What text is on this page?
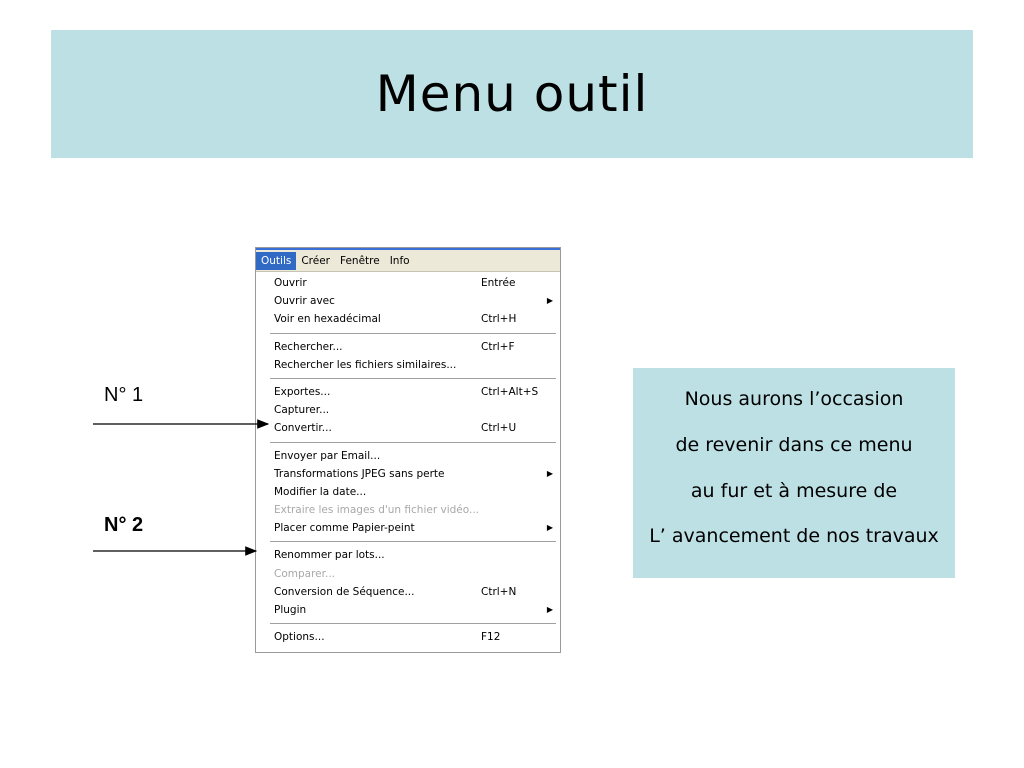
Menu outil
Outils Créer Fenêtre Info
Ouvrir	Entrée
Ouvrir avec	▶
Voir en hexadécimal	Ctrl+H
Rechercher...	Ctrl+F
Rechercher les fichiers similaires...
Exportes...	Ctrl+Alt+S
Capturer...
Convertir...	Ctrl+U
Envoyer par Email...
Transformations JPEG sans perte	▶
Modifier la date...
Extraire les images d'un fichier vidéo...
Placer comme Papier-peint	▶
Renommer par lots...
Comparer...
Conversion de Séquence...	Ctrl+N
Plugin	▶
Options...	F12
N° 1
N° 2
Nous aurons l’occasion
de revenir dans ce menu
au fur et à mesure de
L’ avancement de nos travaux
